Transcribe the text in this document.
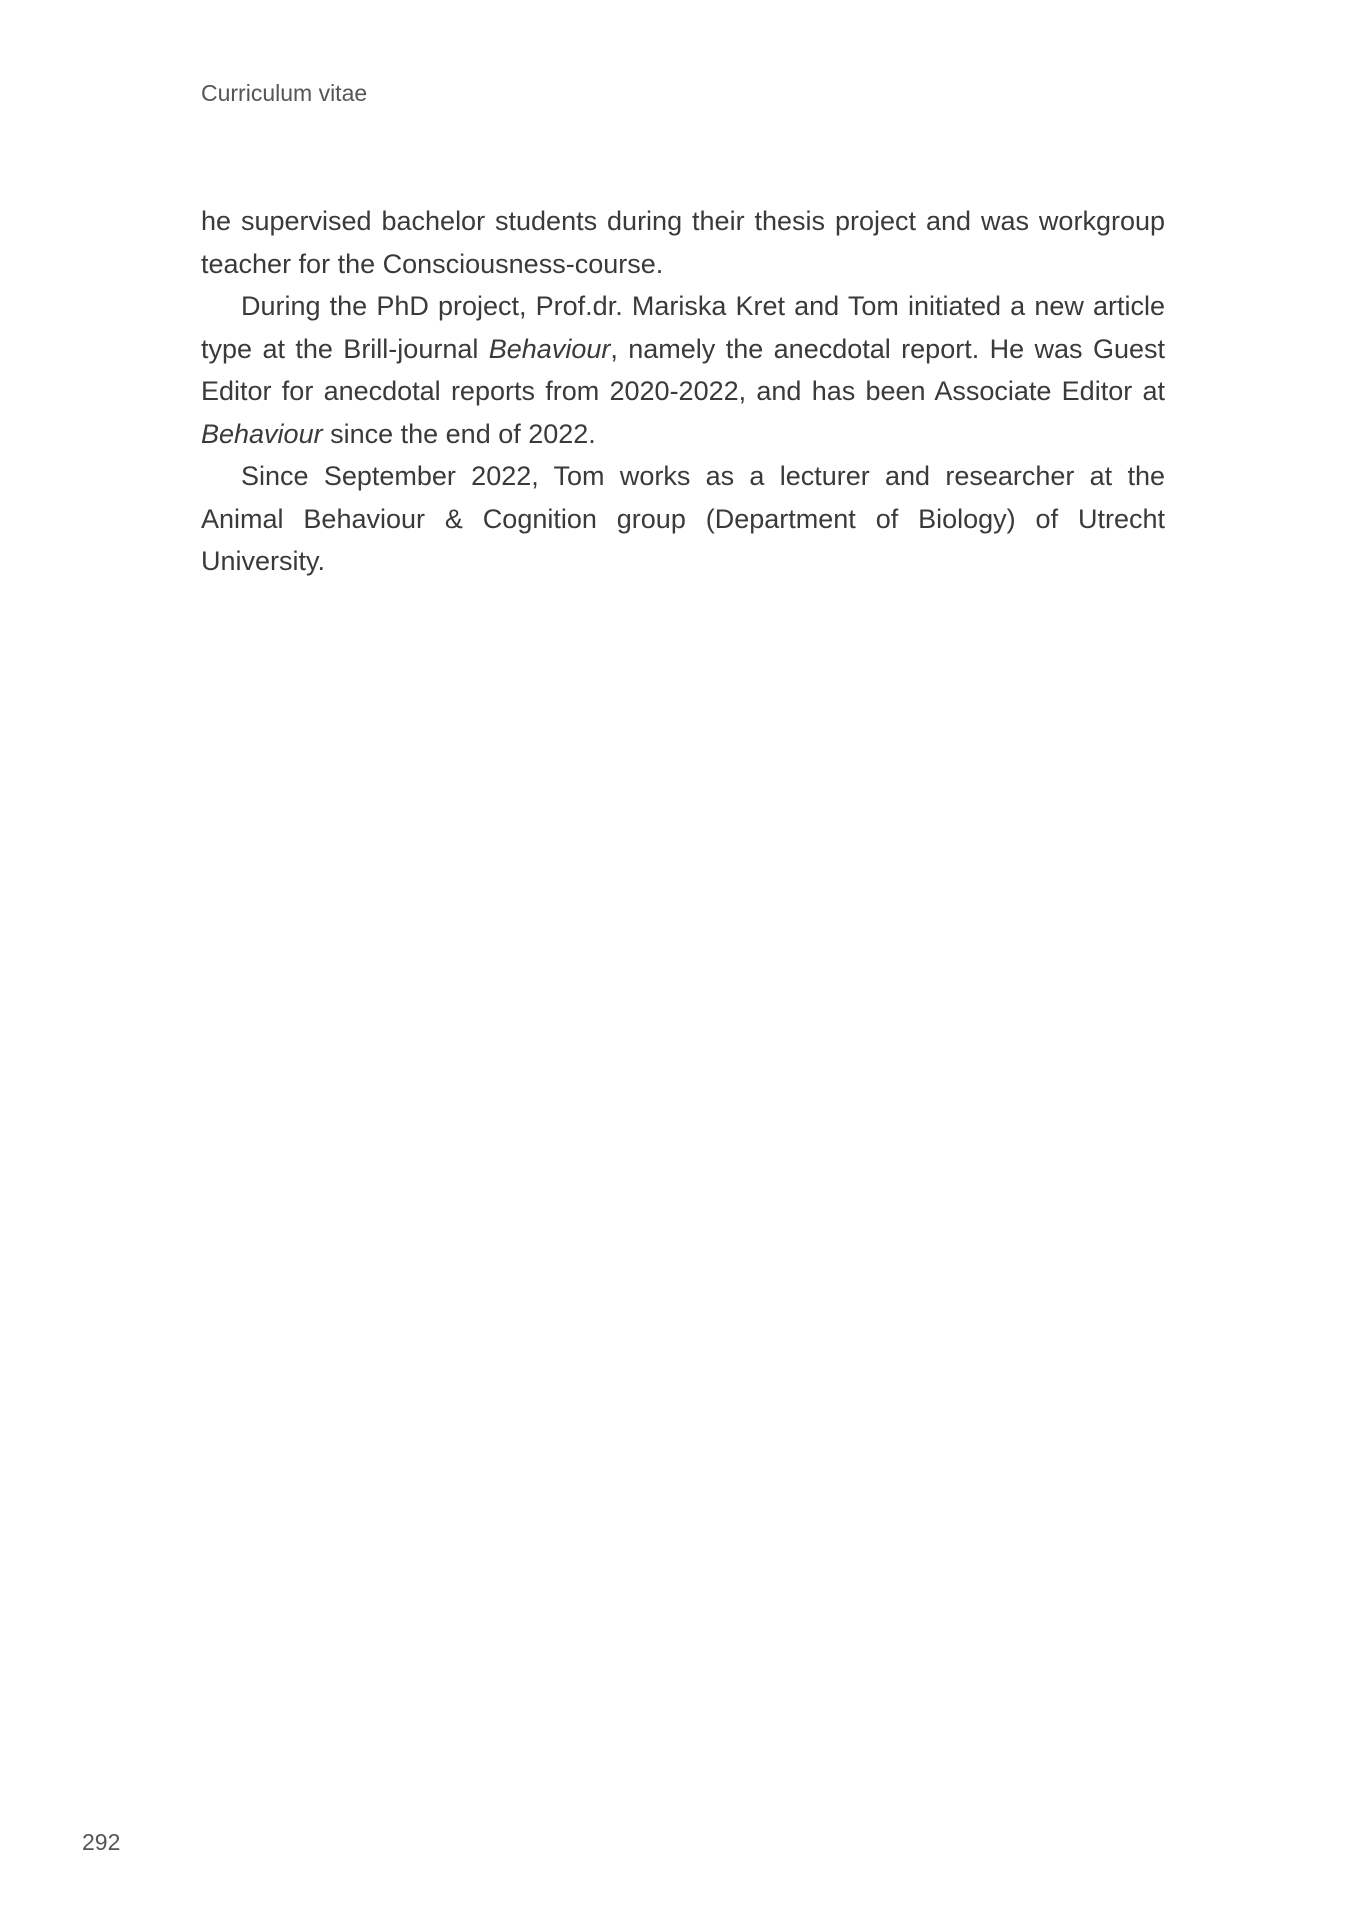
Curriculum vitae

he supervised bachelor students during their thesis project and was workgroup teacher for the Consciousness-course.

During the PhD project, Prof.dr. Mariska Kret and Tom initiated a new article type at the Brill-journal Behaviour, namely the anecdotal report. He was Guest Editor for anecdotal reports from 2020-2022, and has been Associate Editor at Behaviour since the end of 2022.

Since September 2022, Tom works as a lecturer and researcher at the Animal Behaviour & Cognition group (Department of Biology) of Utrecht University.

292
